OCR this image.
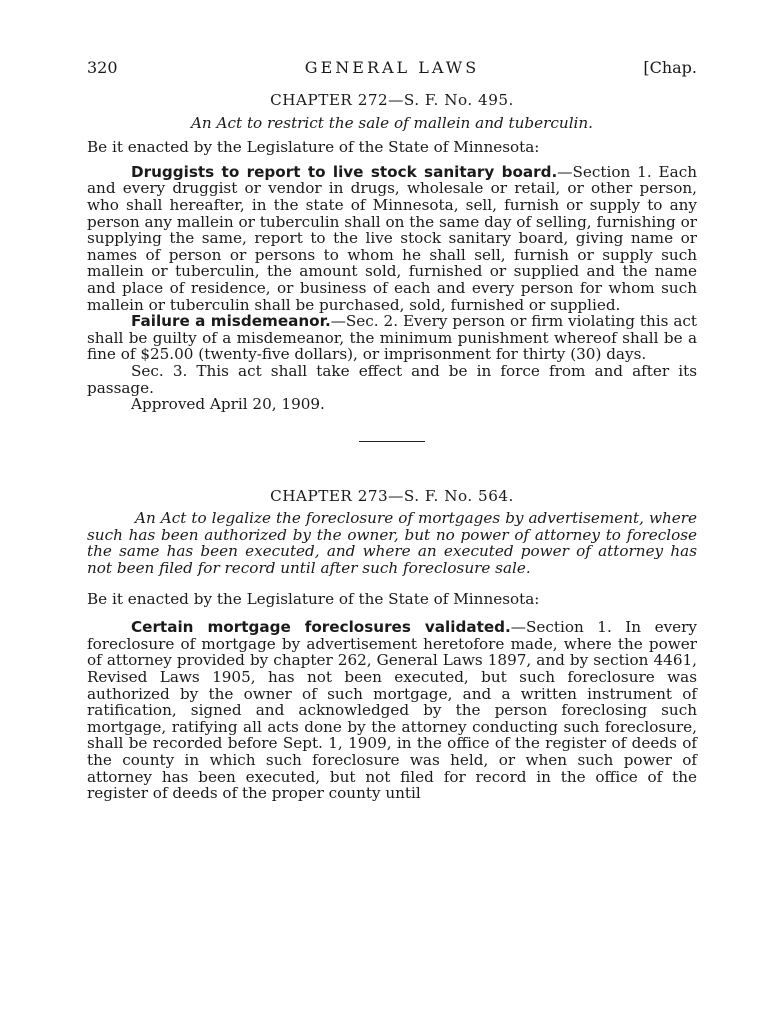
320	GENERAL LAWS	[Chap.
CHAPTER 272—S. F. No. 495.
An Act to restrict the sale of mallein and tuberculin.
Be it enacted by the Legislature of the State of Minnesota:

Druggists to report to live stock sanitary board.—Section 1. Each and every druggist or vendor in drugs, wholesale or retail, or other person, who shall hereafter, in the state of Minnesota, sell, furnish or supply to any person any mallein or tuberculin shall on the same day of selling, furnishing or supplying the same, report to the live stock sanitary board, giving name or names of person or persons to whom he shall sell, furnish or supply such mallein or tuberculin, the amount sold, furnished or supplied and the name and place of residence, or business of each and every person for whom such mallein or tuberculin shall be purchased, sold, furnished or supplied.

Failure a misdemeanor.—Sec. 2. Every person or firm violating this act shall be guilty of a misdemeanor, the minimum punishment whereof shall be a fine of $25.00 (twenty-five dollars), or imprisonment for thirty (30) days.

Sec. 3. This act shall take effect and be in force from and after its passage.

Approved April 20, 1909.

CHAPTER 273—S. F. No. 564.
An Act to legalize the foreclosure of mortgages by advertisement, where such has been authorized by the owner, but no power of attorney to foreclose the same has been executed, and where an executed power of attorney has not been filed for record until after such foreclosure sale.
Be it enacted by the Legislature of the State of Minnesota:

Certain mortgage foreclosures validated.—Section 1. In every foreclosure of mortgage by advertisement heretofore made, where the power of attorney provided by chapter 262, General Laws 1897, and by section 4461, Revised Laws 1905, has not been executed, but such foreclosure was authorized by the owner of such mortgage, and a written instrument of ratification, signed and acknowledged by the person foreclosing such mortgage, ratifying all acts done by the attorney conducting such foreclosure, shall be recorded before Sept. 1, 1909, in the office of the register of deeds of the county in which such foreclosure was held, or when such power of attorney has been executed, but not filed for record in the office of the register of deeds of the proper county until
